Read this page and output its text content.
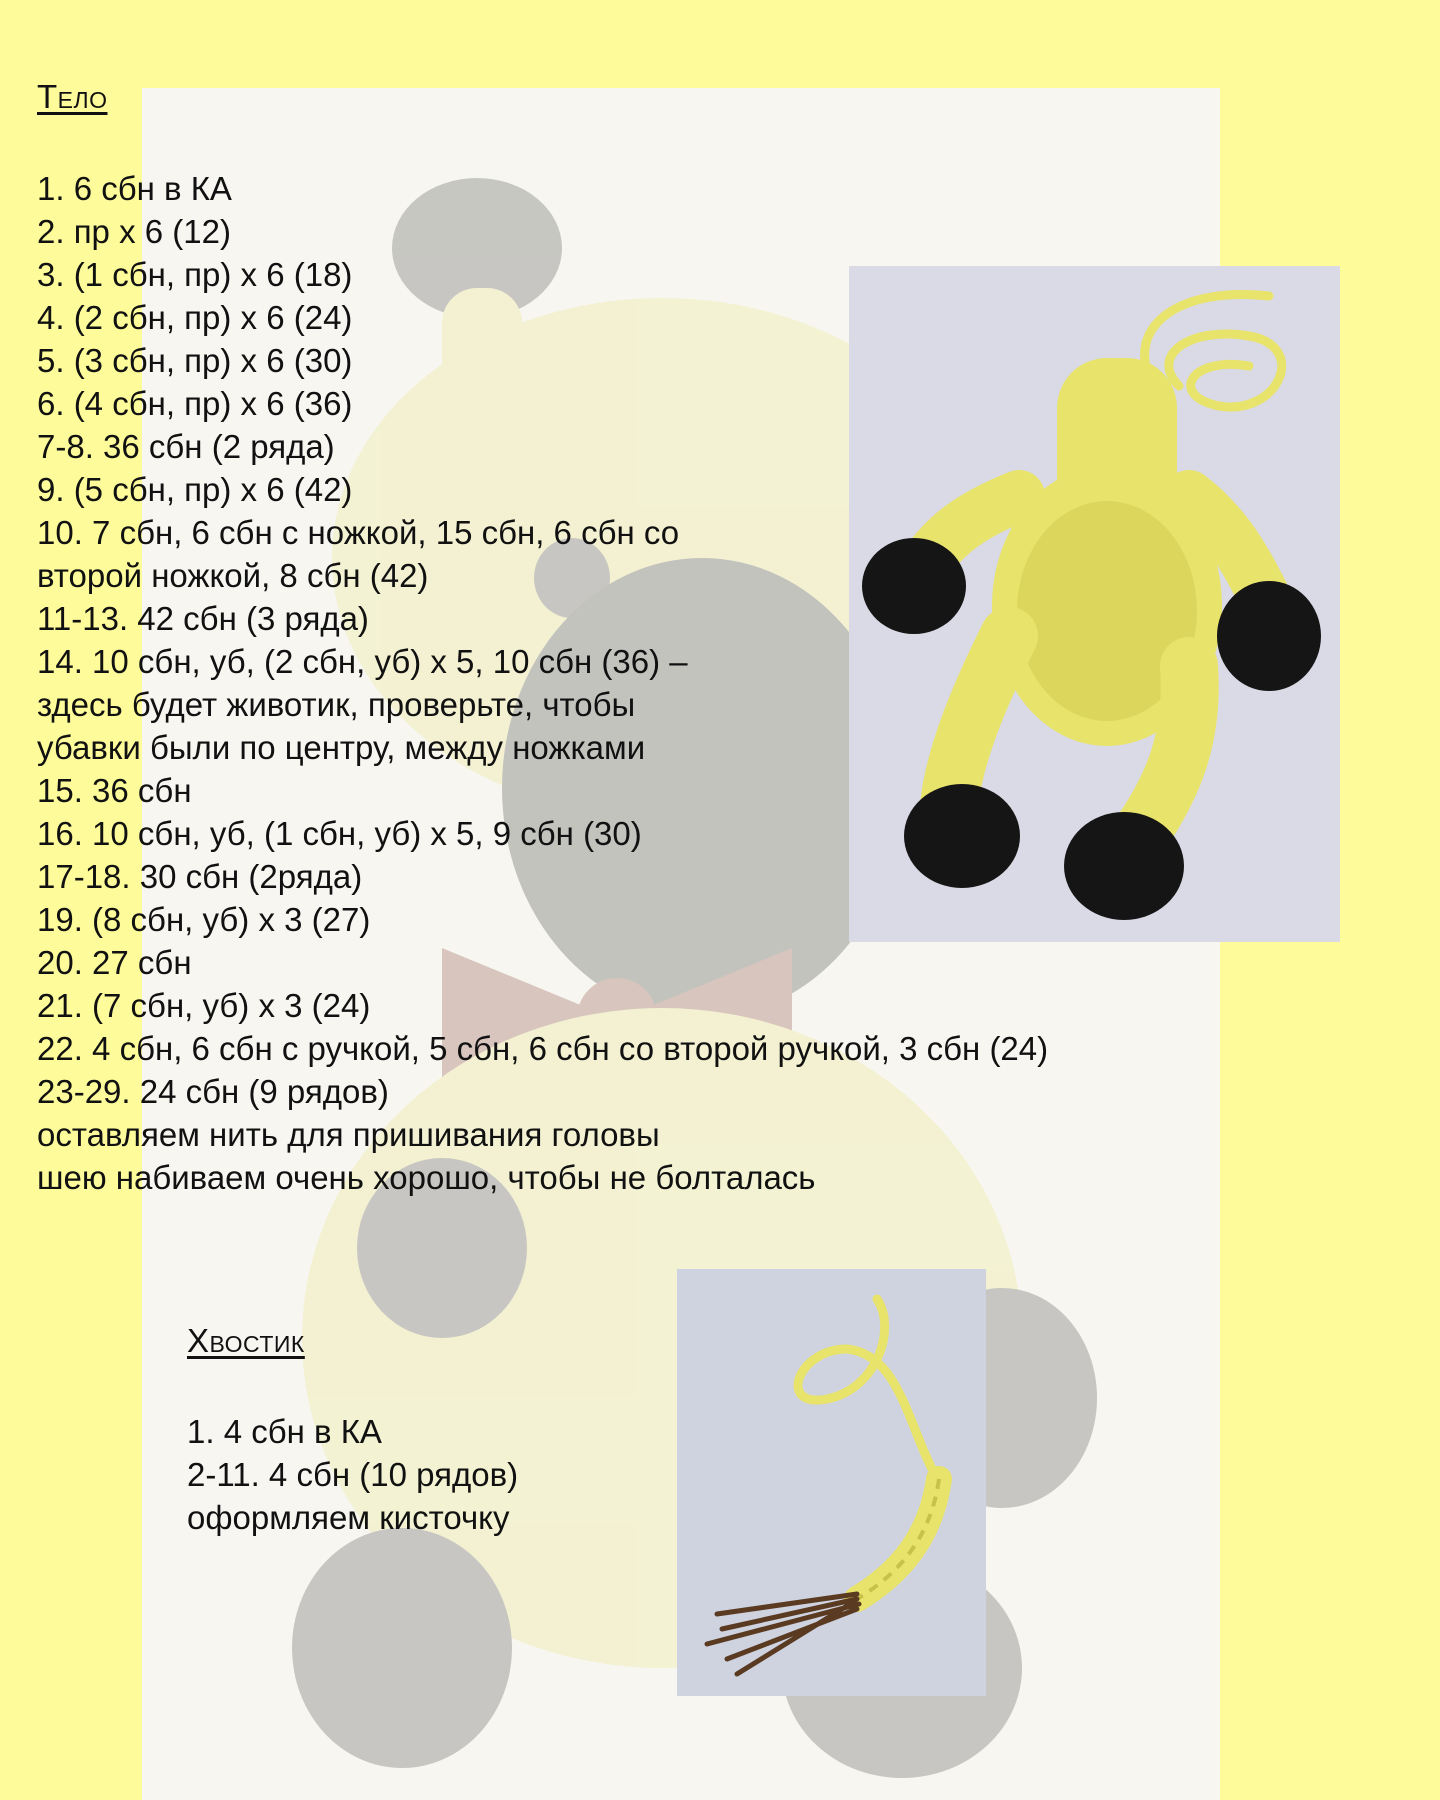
Тело
1. 6 сбн в КА
2. пр х 6 (12)
3. (1 сбн, пр) х 6 (18)
4. (2 сбн, пр) х 6 (24)
5. (3 сбн, пр) х 6 (30)
6. (4 сбн, пр) х 6 (36)
7-8. 36 сбн (2 ряда)
9. (5 сбн, пр) х 6 (42)
10. 7 сбн, 6 сбн с ножкой, 15 сбн, 6 сбн со
второй ножкой, 8 сбн (42)
11-13. 42 сбн (3 ряда)
14. 10 сбн, уб, (2 сбн, уб) х 5, 10 сбн (36) –
здесь будет животик, проверьте, чтобы
убавки были по центру, между ножками
15. 36 сбн
16. 10 сбн, уб, (1 сбн, уб) х 5, 9 сбн (30)
17-18. 30 сбн (2ряда)
19. (8 сбн, уб) х 3 (27)
20. 27 сбн
21. (7 сбн, уб) х 3 (24)
22. 4 сбн, 6 сбн с ручкой, 5 сбн, 6 сбн со второй ручкой, 3 сбн (24)
23-29. 24 сбн (9 рядов)
оставляем нить для пришивания головы
шею набиваем очень хорошо, чтобы не болталась
Хвостик
1. 4 сбн в КА
2-11. 4 сбн (10 рядов)
оформляем кисточку
